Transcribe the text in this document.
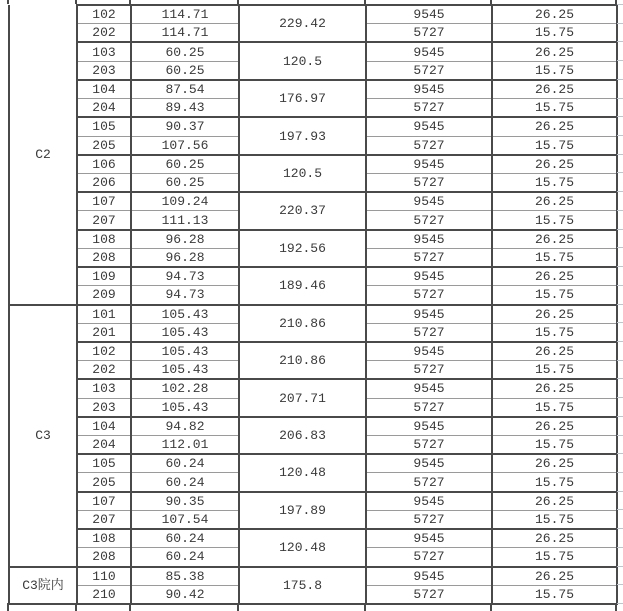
C2	102	114.71	229.42	9545	26.25
	202	114.71		5727	15.75
	103	60.25	120.5	9545	26.25
	203	60.25		5727	15.75
	104	87.54	176.97	9545	26.25
	204	89.43		5727	15.75
	105	90.37	197.93	9545	26.25
	205	107.56		5727	15.75
	106	60.25	120.5	9545	26.25
	206	60.25		5727	15.75
	107	109.24	220.37	9545	26.25
	207	111.13		5727	15.75
	108	96.28	192.56	9545	26.25
	208	96.28		5727	15.75
	109	94.73	189.46	9545	26.25
	209	94.73		5727	15.75
C3	101	105.43	210.86	9545	26.25
	201	105.43		5727	15.75
	102	105.43	210.86	9545	26.25
	202	105.43		5727	15.75
	103	102.28	207.71	9545	26.25
	203	105.43		5727	15.75
	104	94.82	206.83	9545	26.25
	204	112.01		5727	15.75
	105	60.24	120.48	9545	26.25
	205	60.24		5727	15.75
	107	90.35	197.89	9545	26.25
	207	107.54		5727	15.75
	108	60.24	120.48	9545	26.25
	208	60.24		5727	15.75
C3院内	110	85.38	175.8	9545	26.25
	210	90.42		5727	15.75
